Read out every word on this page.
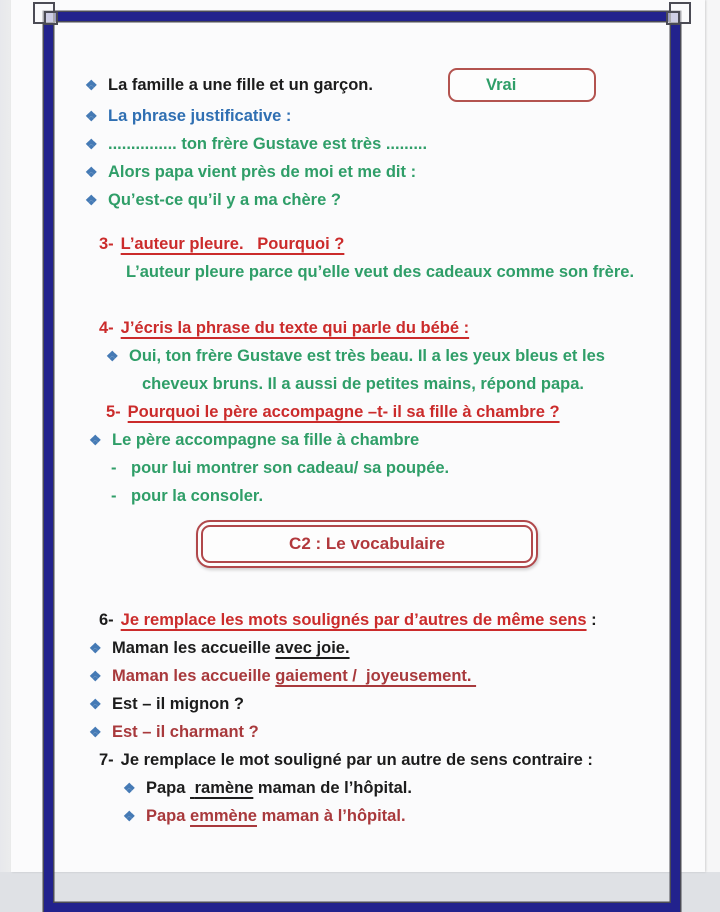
❖ La famille a une fille et un garçon.	Vrai
❖ La phrase justificative :
❖ ............... ton frère Gustave est très .........
❖ Alors papa vient près de moi et me dit :
❖ Qu’est-ce qu’il y a ma chère ?
3- L’auteur pleure.   Pourquoi ?
L’auteur pleure parce qu’elle veut des cadeaux comme son frère.
4- J’écris la phrase du texte qui parle du bébé :
❖ Oui, ton frère Gustave est très beau. Il a les yeux bleus et les
cheveux bruns. Il a aussi de petites mains, répond papa.
5- Pourquoi le père accompagne –t- il sa fille à chambre ?
❖ Le père accompagne sa fille à chambre
- pour lui montrer son cadeau/ sa poupée.
- pour la consoler.
C2 : Le vocabulaire
6- Je remplace les mots soulignés par d’autres de même sens :
❖ Maman les accueille avec joie.
❖ Maman les accueille gaiement /  joyeusement.
❖ Est – il mignon ?
❖ Est – il charmant ?
7- Je remplace le mot souligné par un autre de sens contraire :
❖ Papa ramène maman de l’hôpital.
❖ Papa emmène maman à l’hôpital.
